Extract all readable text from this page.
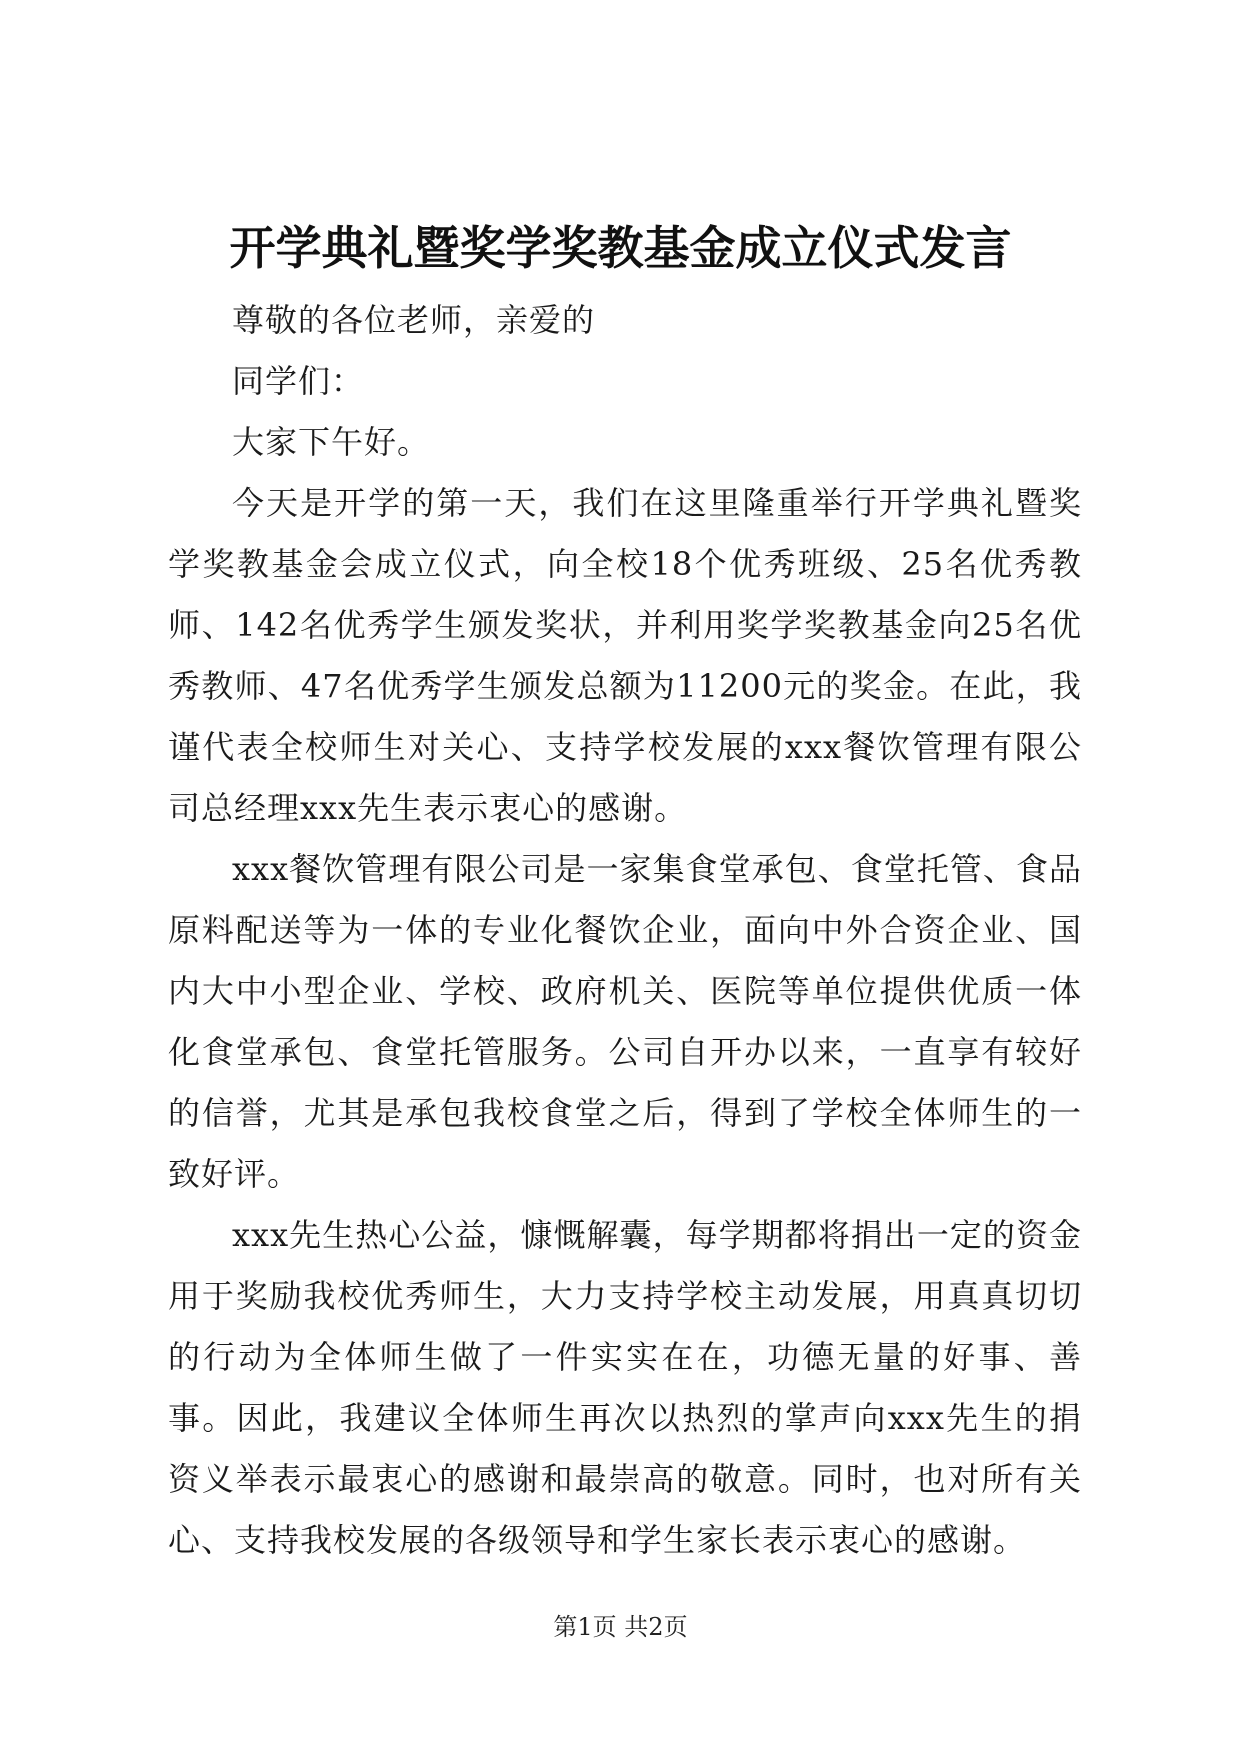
开学典礼暨奖学奖教基金成立仪式发言

尊敬的各位老师，亲爱的

同学们：

大家下午好。

今天是开学的第一天，我们在这里隆重举行开学典礼暨奖学奖教基金会成立仪式，向全校18个优秀班级、25名优秀教师、142名优秀学生颁发奖状，并利用奖学奖教基金向25名优秀教师、47名优秀学生颁发总额为11200元的奖金。在此，我谨代表全校师生对关心、支持学校发展的xxx餐饮管理有限公司总经理xxx先生表示衷心的感谢。

xxx餐饮管理有限公司是一家集食堂承包、食堂托管、食品原料配送等为一体的专业化餐饮企业，面向中外合资企业、国内大中小型企业、学校、政府机关、医院等单位提供优质一体化食堂承包、食堂托管服务。公司自开办以来，一直享有较好的信誉，尤其是承包我校食堂之后，得到了学校全体师生的一致好评。

xxx先生热心公益，慷慨解囊，每学期都将捐出一定的资金用于奖励我校优秀师生，大力支持学校主动发展，用真真切切的行动为全体师生做了一件实实在在，功德无量的好事、善事。因此，我建议全体师生再次以热烈的掌声向xxx先生的捐资义举表示最衷心的感谢和最崇高的敬意。同时，也对所有关心、支持我校发展的各级领导和学生家长表示衷心的感谢。

第1页 共2页
